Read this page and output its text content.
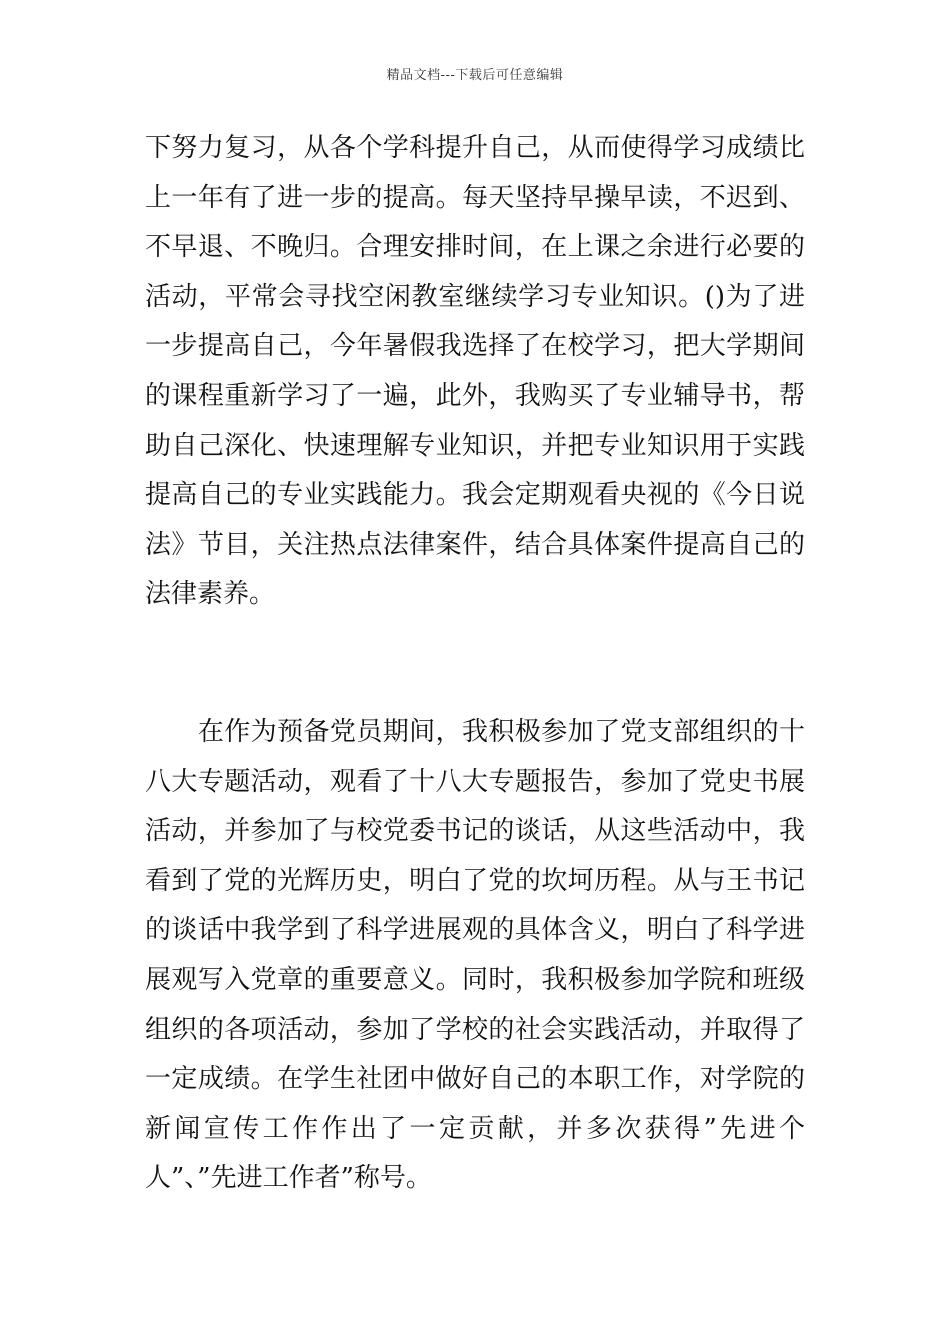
精品文档---下载后可任意编辑
下努力复习，从各个学科提升自己，从而使得学习成绩比
上一年有了进一步的提高。每天坚持早操早读，不迟到、
不早退、不晚归。合理安排时间，在上课之余进行必要的
活动，平常会寻找空闲教室继续学习专业知识。()为了进
一步提高自己，今年暑假我选择了在校学习，把大学期间
的课程重新学习了一遍，此外，我购买了专业辅导书，帮
助自己深化、快速理解专业知识，并把专业知识用于实践
提高自己的专业实践能力。我会定期观看央视的《今日说
法》节目，关注热点法律案件，结合具体案件提高自己的
法律素养。
　　在作为预备党员期间，我积极参加了党支部组织的十
八大专题活动，观看了十八大专题报告，参加了党史书展
活动，并参加了与校党委书记的谈话，从这些活动中，我
看到了党的光辉历史，明白了党的坎坷历程。从与王书记
的谈话中我学到了科学进展观的具体含义，明白了科学进
展观写入党章的重要意义。同时，我积极参加学院和班级
组织的各项活动，参加了学校的社会实践活动，并取得了
一定成绩。在学生社团中做好自己的本职工作，对学院的
新闻宣传工作作出了一定贡献，并多次获得”先进个
人”、”先进工作者”称号。
